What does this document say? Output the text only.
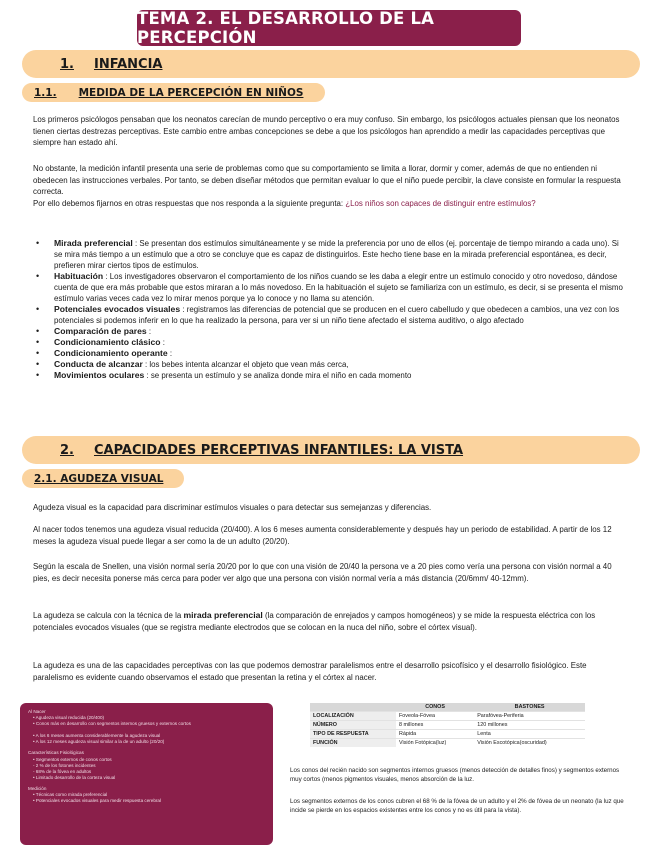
TEMA 2. EL DESARROLLO DE LA PERCEPCIÓN
1. INFANCIA
1.1. MEDIDA DE LA PERCEPCIÓN EN NIÑOS
Los primeros psicólogos pensaban que los neonatos carecían de mundo perceptivo o era muy confuso. Sin embargo, los psicólogos actuales piensan que los neonatos tienen ciertas destrezas perceptivas. Este cambio entre ambas concepciones se debe a que los psicólogos han aprendido a medir las capacidades perceptivas que siempre han estado ahí.
No obstante, la medición infantil presenta una serie de problemas como que su comportamiento se limita a llorar, dormir y comer, además de que no entienden ni obedecen las instrucciones verbales. Por tanto, se deben diseñar métodos que permitan evaluar lo que el niño puede percibir, la clave consiste en formular la respuesta correcta.
Por ello debemos fijarnos en otras respuestas que nos responda a la siguiente pregunta: ¿Los niños son capaces de distinguir entre estímulos?
• Mirada preferencial : Se presentan dos estímulos simultáneamente y se mide la preferencia por uno de ellos (ej. porcentaje de tiempo mirando a cada uno). Si se mira más tiempo a un estímulo que a otro se concluye que es capaz de distinguirlos. Este hecho tiene base en la mirada preferencial espontánea, es decir, prefieren mirar ciertos tipos de estímulos.
• Habituación : Los investigadores observaron el comportamiento de los niños cuando se les daba a elegir entre un estímulo conocido y otro novedoso, dándose cuenta de que era más probable que estos miraran a lo más novedoso. En la habituación el sujeto se familiariza con un estímulo, es decir, si se presenta el mismo estímulo varias veces cada vez lo mirar menos porque ya lo conoce y no llama su atención.
• Potenciales evocados visuales : registramos las diferencias de potencial que se producen en el cuero cabelludo y que obedecen a cambios, una vez con los potenciales si podemos inferir en lo que ha realizado la persona, para ver si un niño tiene afectado el sistema auditivo, o algo afectado
• Comparación de pares :
• Condicionamiento clásico :
• Condicionamiento operante :
• Conducta de alcanzar : los bebes intenta alcanzar el objeto que vean más cerca,
• Movimientos oculares : se presenta un estímulo y se analiza donde mira el niño en cada momento
2. CAPACIDADES PERCEPTIVAS INFANTILES: LA VISTA
2.1. AGUDEZA VISUAL
Agudeza visual es la capacidad para discriminar estímulos visuales o para detectar sus semejanzas y diferencias.
Al nacer todos tenemos una agudeza visual reducida (20/400). A los 6 meses aumenta considerablemente y después hay un periodo de estabilidad. A partir de los 12 meses la agudeza visual puede llegar a ser como la de un adulto (20/20).
Según la escala de Snellen, una visión normal sería 20/20 por lo que con una visión de 20/40 la persona ve a 20 pies como vería una persona con visión normal a 40 pies, es decir necesita ponerse más cerca para poder ver algo que una persona con visión normal vería a más distancia (20/6mm/ 40-12mm).
La agudeza se calcula con la técnica de la mirada preferencial (la comparación de enrejados y campos homogéneos) y se mide la respuesta eléctrica con los potenciales evocados visuales (que se registra mediante electrodos que se colocan en la nuca del niño, sobre el córtex visual).
La agudeza es una de las capacidades perceptivas con las que podemos demostrar paralelismos entre el desarrollo psicofísico y el desarrollo fisiológico. Este paralelismo es evidente cuando observamos el estado que presentan la retina y el córtex al nacer.
Al Nacer
• Agudeza visual reducida (20/400)
• Conos más en desarrollo con segmentos internos gruesos y externos cortos
• A los 6 meses aumenta considerablemente la agudeza visual
• A los 12 meses agudeza visual similar a la de un adulto (20/20)
Características Fisiológicas
• Segmentos externos de conos cortos
- 2 % de los fotones incidentes
- 68% de la fóvea en adultos
• Limitado desarrollo de la corteza visual
Medición
• Técnicas como mirada preferencial
• Potenciales evocados visuales para medir respuesta cerebral
	CONOS	BASTONES
LOCALIZACIÓN	Foveola-Fóvea	Parafóvea-Periferia
NÚMERO	8 millones	120 millones
TIPO DE RESPUESTA	Rápida	Lenta
FUNCIÓN	Visión Fotópica(luz)	Visión Escotópica(oscuridad)
Los conos del recién nacido son segmentos internos gruesos (menos detección de detalles finos) y segmentos externos muy cortos (menos pigmentos visuales, menos absorción de la luz.
Los segmentos externos de los conos cubren el 68 % de la fóvea de un adulto y el 2% de fóvea de un neonato (la luz que incide se pierde en los espacios existentes entre los conos y no es útil para la vista).
